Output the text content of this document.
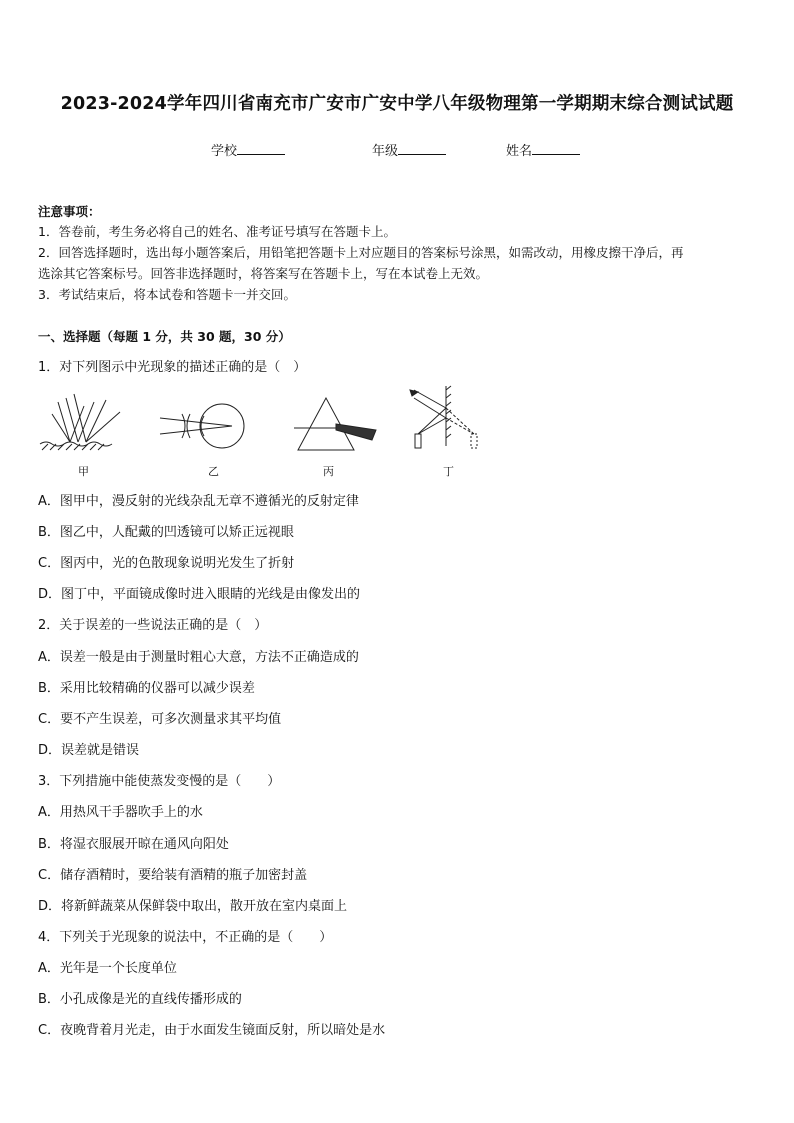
2023-2024学年四川省南充市广安市广安中学八年级物理第一学期期末综合测试试题
学校	年级	姓名
注意事项：
1．答卷前，考生务必将自己的姓名、准考证号填写在答题卡上。
2．回答选择题时，选出每小题答案后，用铅笔把答题卡上对应题目的答案标号涂黑，如需改动，用橡皮擦干净后，再
选涂其它答案标号。回答非选择题时，将答案写在答题卡上，写在本试卷上无效。
3．考试结束后，将本试卷和答题卡一并交回。
一、选择题（每题 1 分，共 30 题，30 分）
1．对下列图示中光现象的描述正确的是（　）
甲	乙	丙	丁
A．图甲中，漫反射的光线杂乱无章不遵循光的反射定律
B．图乙中，人配戴的凹透镜可以矫正远视眼
C．图丙中，光的色散现象说明光发生了折射
D．图丁中，平面镜成像时进入眼睛的光线是由像发出的
2．关于误差的一些说法正确的是（　）
A．误差一般是由于测量时粗心大意，方法不正确造成的
B．采用比较精确的仪器可以减少误差
C．要不产生误差，可多次测量求其平均值
D．误差就是错误
3．下列措施中能使蒸发变慢的是（　　）
A．用热风干手器吹手上的水
B．将湿衣服展开晾在通风向阳处
C．储存酒精时，要给装有酒精的瓶子加密封盖
D．将新鲜蔬菜从保鲜袋中取出，散开放在室内桌面上
4．下列关于光现象的说法中，不正确的是（　　）
A．光年是一个长度单位
B．小孔成像是光的直线传播形成的
C．夜晚背着月光走，由于水面发生镜面反射，所以暗处是水
